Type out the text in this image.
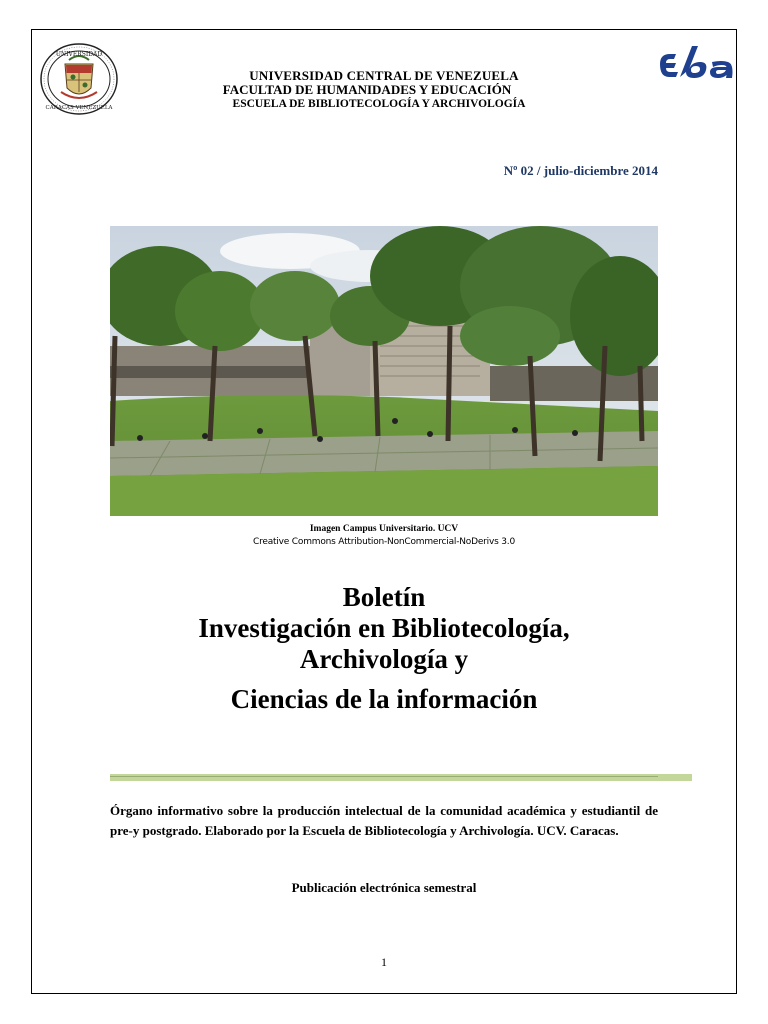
UNIVERSIDAD
CARACAS·VENEZUELA
UNIVERSIDAD CENTRAL DE VENEZUELA
FACULTAD DE HUMANIDADES Y EDUCACIÓN
ESCUELA DE BIBLIOTECOLOGÍA Y ARCHIVOLOGÍA
Nº 02 / julio-diciembre 2014
Imagen Campus Universitario. UCV
Creative Commons Attribution-NonCommercial-NoDerivs 3.0
Boletín
Investigación en Bibliotecología,
Archivología y
Ciencias de la información
Órgano informativo sobre la producción intelectual de la comunidad académica y estudiantil de pre-y postgrado. Elaborado por la Escuela de Bibliotecología y Archivología. UCV. Caracas.
Publicación electrónica semestral
1
